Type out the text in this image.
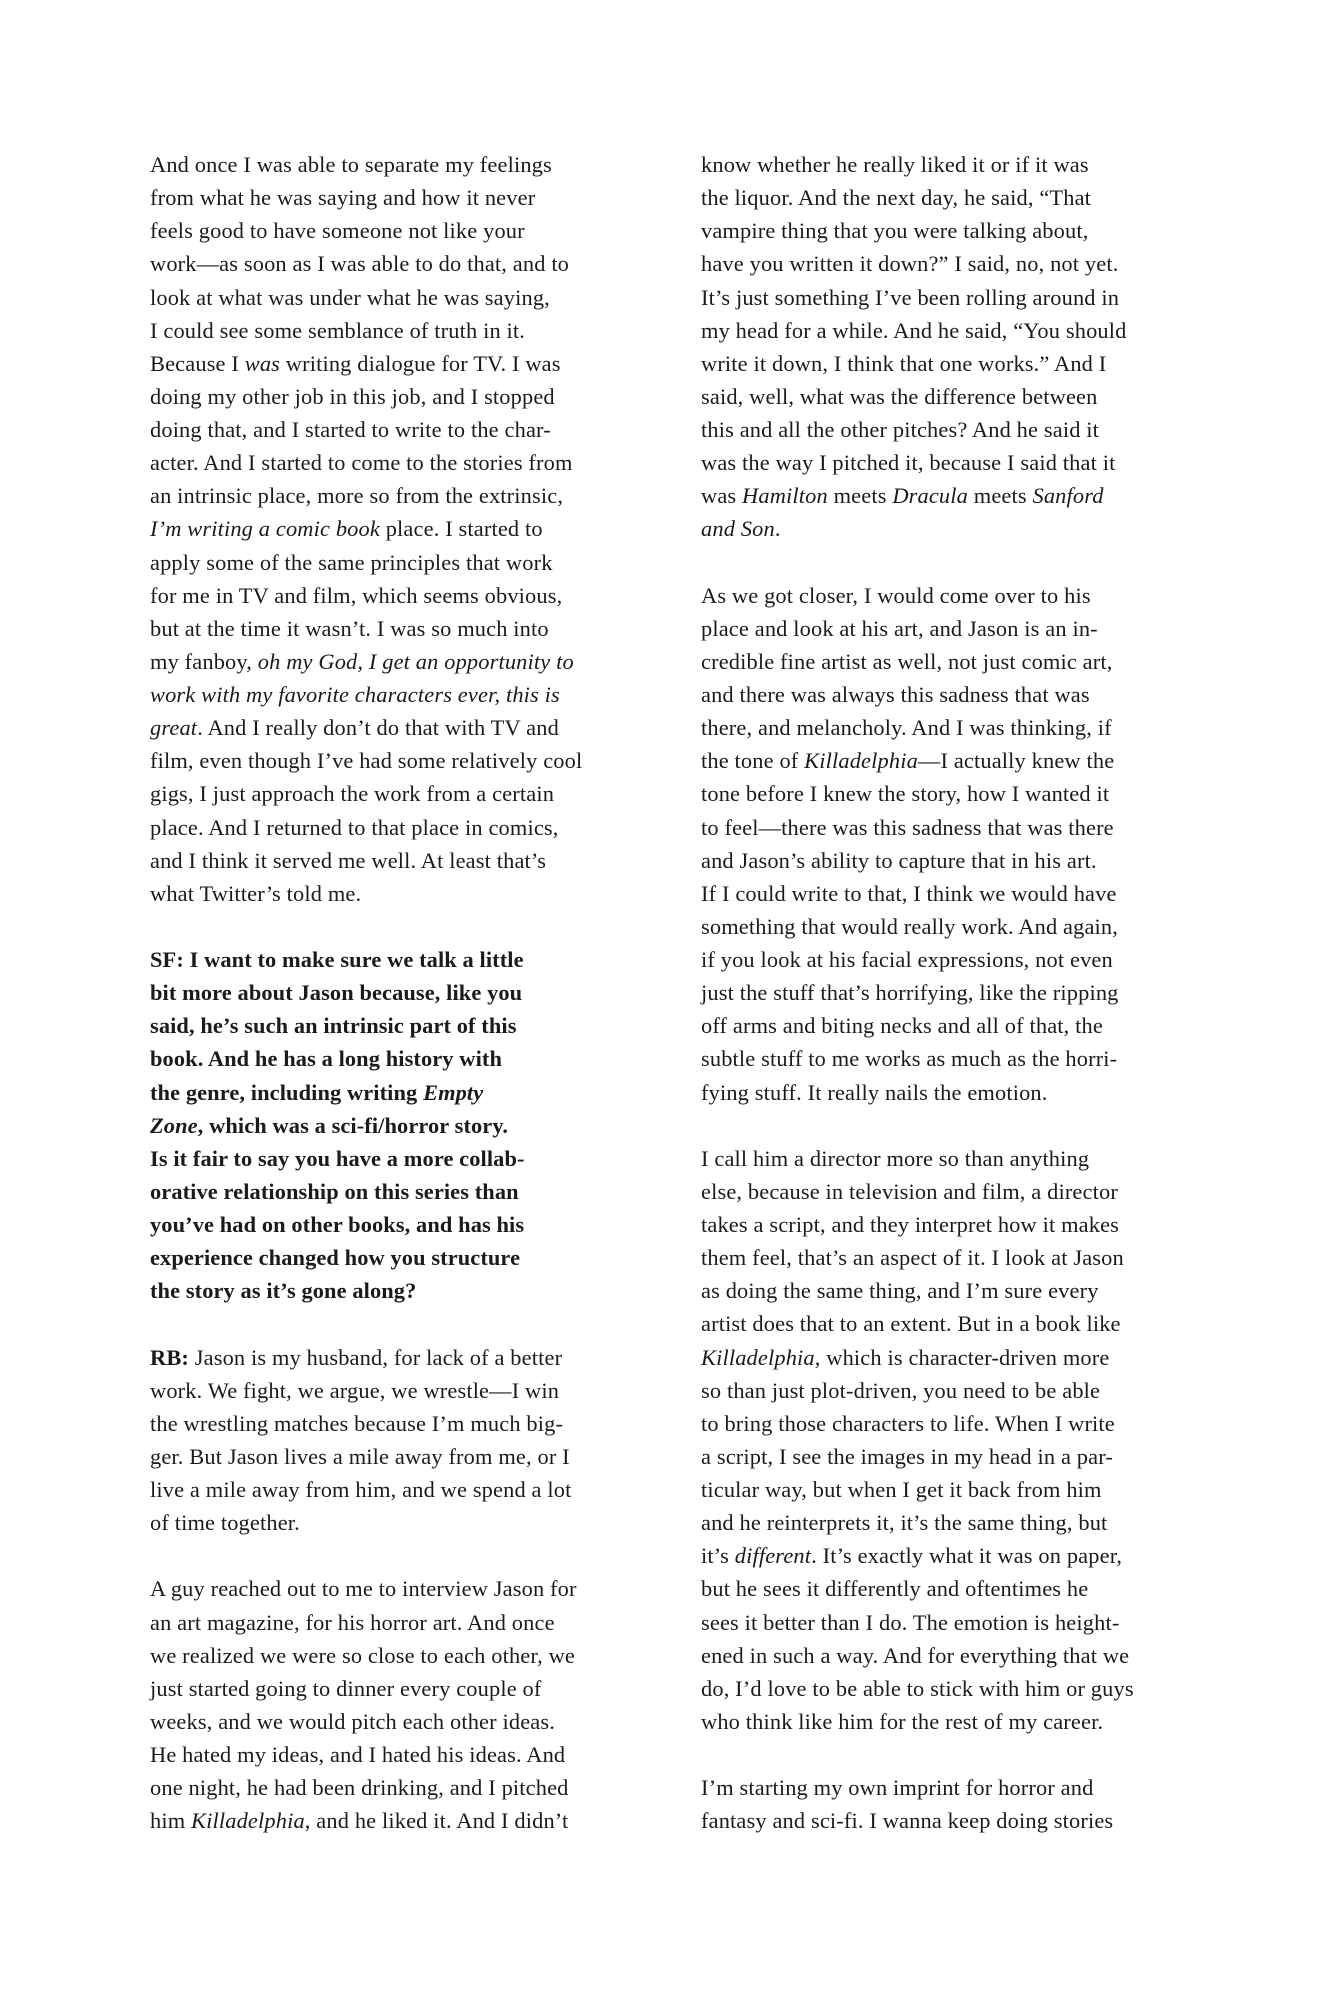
And once I was able to separate my feelings
from what he was saying and how it never
feels good to have someone not like your
work—as soon as I was able to do that, and to
look at what was under what he was saying,
I could see some semblance of truth in it.
Because I was writing dialogue for TV. I was
doing my other job in this job, and I stopped
doing that, and I started to write to the char-
acter. And I started to come to the stories from
an intrinsic place, more so from the extrinsic,
I’m writing a comic book place. I started to
apply some of the same principles that work
for me in TV and film, which seems obvious,
but at the time it wasn’t. I was so much into
my fanboy, oh my God, I get an opportunity to
work with my favorite characters ever, this is
great. And I really don’t do that with TV and
film, even though I’ve had some relatively cool
gigs, I just approach the work from a certain
place. And I returned to that place in comics,
and I think it served me well. At least that’s
what Twitter’s told me.

SF: I want to make sure we talk a little
bit more about Jason because, like you
said, he’s such an intrinsic part of this
book. And he has a long history with
the genre, including writing Empty
Zone, which was a sci-fi/horror story.
Is it fair to say you have a more collab-
orative relationship on this series than
you’ve had on other books, and has his
experience changed how you structure
the story as it’s gone along?

RB: Jason is my husband, for lack of a better
work. We fight, we argue, we wrestle—I win
the wrestling matches because I’m much big-
ger. But Jason lives a mile away from me, or I
live a mile away from him, and we spend a lot
of time together.

A guy reached out to me to interview Jason for
an art magazine, for his horror art. And once
we realized we were so close to each other, we
just started going to dinner every couple of
weeks, and we would pitch each other ideas.
He hated my ideas, and I hated his ideas. And
one night, he had been drinking, and I pitched
him Killadelphia, and he liked it. And I didn’t
know whether he really liked it or if it was
the liquor. And the next day, he said, “That
vampire thing that you were talking about,
have you written it down?” I said, no, not yet.
It’s just something I’ve been rolling around in
my head for a while. And he said, “You should
write it down, I think that one works.” And I
said, well, what was the difference between
this and all the other pitches? And he said it
was the way I pitched it, because I said that it
was Hamilton meets Dracula meets Sanford
and Son.

As we got closer, I would come over to his
place and look at his art, and Jason is an in-
credible fine artist as well, not just comic art,
and there was always this sadness that was
there, and melancholy. And I was thinking, if
the tone of Killadelphia—I actually knew the
tone before I knew the story, how I wanted it
to feel—there was this sadness that was there
and Jason’s ability to capture that in his art.
If I could write to that, I think we would have
something that would really work. And again,
if you look at his facial expressions, not even
just the stuff that’s horrifying, like the ripping
off arms and biting necks and all of that, the
subtle stuff to me works as much as the horri-
fying stuff. It really nails the emotion.

I call him a director more so than anything
else, because in television and film, a director
takes a script, and they interpret how it makes
them feel, that’s an aspect of it. I look at Jason
as doing the same thing, and I’m sure every
artist does that to an extent. But in a book like
Killadelphia, which is character-driven more
so than just plot-driven, you need to be able
to bring those characters to life. When I write
a script, I see the images in my head in a par-
ticular way, but when I get it back from him
and he reinterprets it, it’s the same thing, but
it’s different. It’s exactly what it was on paper,
but he sees it differently and oftentimes he
sees it better than I do. The emotion is height-
ened in such a way. And for everything that we
do, I’d love to be able to stick with him or guys
who think like him for the rest of my career.

I’m starting my own imprint for horror and
fantasy and sci-fi. I wanna keep doing stories
